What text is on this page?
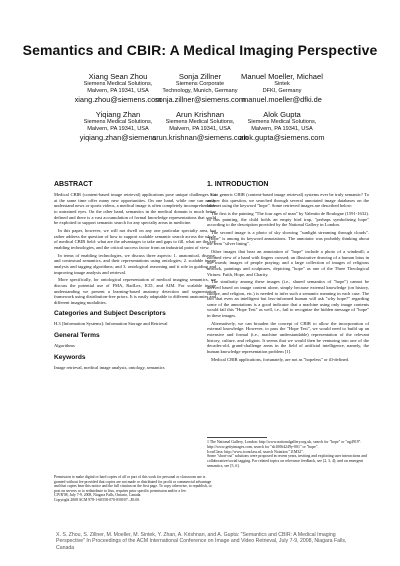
Semantics and CBIR: A Medical Imaging Perspective
Xiang Sean Zhou
Siemens Medical Solutions,
Malvern, PA 19341, USA
xiang.zhou@siemens.com
Sonja Zillner
Siemens Corporate
Technology, Munich, Germany
sonja.zillner@siemens.com
Manuel Moeller, Michael
Sintek
DFKI, Germany
manuel.moeller@dfki.de
Yiqiang Zhan
Siemens Medical Solutions,
Malvern, PA 19341, USA
yiqiang.zhan@siemens
Arun Krishnan
Siemens Medical Solutions,
Malvern, PA 19341, USA
arun.krishnan@siemens.com
Alok Gupta
Siemens Medical Solutions,
Malvern, PA 19341, USA
alok.gupta@siemens.com
ABSTRACT

Medical CBIR (content-based image retrieval) applications pose unique challenges but at the same time offer many new opportunities. On one hand, while one can easily understand news or sports videos, a medical image is often completely incomprehensible to untrained eyes. On the other hand, semantics in the medical domain is much better defined and there is a vast accumulation of formal knowledge representations that could be exploited to support semantic search for any specialty areas in medicine.

In this paper, however, we will not dwell on any one particular specialty area, but rather address the question of how to support scalable semantic search across the whole of medical CBIR field: what are the advantages to take and gaps to fill, what are the key enabling technologies, and the critical success factor from an industrial point of view.

In terms of enabling technologies, we discuss three aspects: 1. anatomical, disease, and contextual semantics, and their representations using ontologies; 2. scalable image analysis and tagging algorithms; and 3. ontological reasoning and it role in guiding and improving image analysis and retrieval.

More specifically, for ontological representation of medical imaging semantics, we discuss the potential use of FMA, RadLex, ICD, and AIM. For scalable image understanding we present a learning-based anatomy detection and segmentation framework using distribution-free priors. It is easily adaptable to different anatomies and different imaging modalities.

Categories and Subject Descriptors

H.3 [Information Systems]: Information Storage and Retrieval

General Terms

Algorithms

Keywords

Image retrieval, medical image analysis, ontology, semantics

Permission to make digital or hard copies of all or part of this work for personal or classroom use is granted without fee provided that copies are not made or distributed for profit or commercial advantage and that copies bear this notice and the full citation on the first page. To copy otherwise, to republish, to post on servers or to redistribute to lists, requires prior specific permission and/or a fee.
CIVR'08, July 7-9, 2008, Niagara Falls, Ontario, Canada.
Copyright 2008 ACM 978-1-60558-070-8/08/07...$5.00.
1. INTRODUCTION

Can generic CBIR (content-based image retrieval) systems ever be truly semantic? To answer this question, we searched through several annotated image databases on the Internet using the keyword "hope". Some retrieved images are described below:

The first is the painting "The four ages of man" by Valentin de Boulogne (1591-1632). In this painting, the child holds an empty bird trap, "perhaps symbolizing hope" according to the description provided by the National Gallery in London.

The second image is a photo of sky showing "sunlight streaming through clouds". "Hope" is among its keyword annotations. The annotator was probably thinking about the term "silver lining".

Other images that bear an annotation of "hope" include a photo of a windmill; a zoomed view of a hand with fingers crossed; an illustrative drawing of a human lotus in the womb; images of people praying; and a large collection of images of religious artwork, paintings and sculptures, depicting "hope" as one of the Three Theological Virtues: Faith, Hope, and Charity.

The similarity among these images (i.e., shared semantics of "hope") cannot be derived based on image content alone, simply because external knowledge (on history, culture, and religion, etc.) is needed to infer such a semantic meaning in each case. The fact that even an intelligent but less-informed human will ask "why hope?" regarding some of the annotations is a good indicator that a machine using only image contents would fail this "Hope Test" as well, i.e., fail to recognize the hidden message of "hope" in these images.

Alternatively, we can broaden the concept of CBIR to allow the incorporation of external knowledge. However, to pass the "Hope Test", we would need to build up an extensive and formal (i.e., machine understandable) representation of the relevant history, culture, and religion. It seems that we would then be venturing into one of the decades-old, grand-challenge areas in the field of artificial intelligence, namely, the human knowledge representation problem [1].

Medical CBIR applications, fortunately, are not as "hopeless" or ill-defined.

1 The National Gallery, London: http://www.nationalgallery.org.uk, search for "hope" or "ng4919".
http://www.gettyimages.com, search for "sb10064249y-001" or "hope".
IconClass: http://www.iconclass.nl, search Notation "11M32".
Some "short-cut" solutions were proposed in recent years, inviting and exploiting user interactions and collaborative/social tagging. For related topics on relevance feedback, see [2, 3, 4]; and on emergent semantics, see [5, 6].
X. S. Zhou, S. Zillner, M. Moeller, M. Sintek, Y. Zhan, A. Krishnan, and A. Gupta: "Semantics and CBIR: A Medical Imaging Perspective" In Proceedings of the ACM International Conference on Image and Video Retrieval, July 7-9, 2008, Niagara Falls, Canada
